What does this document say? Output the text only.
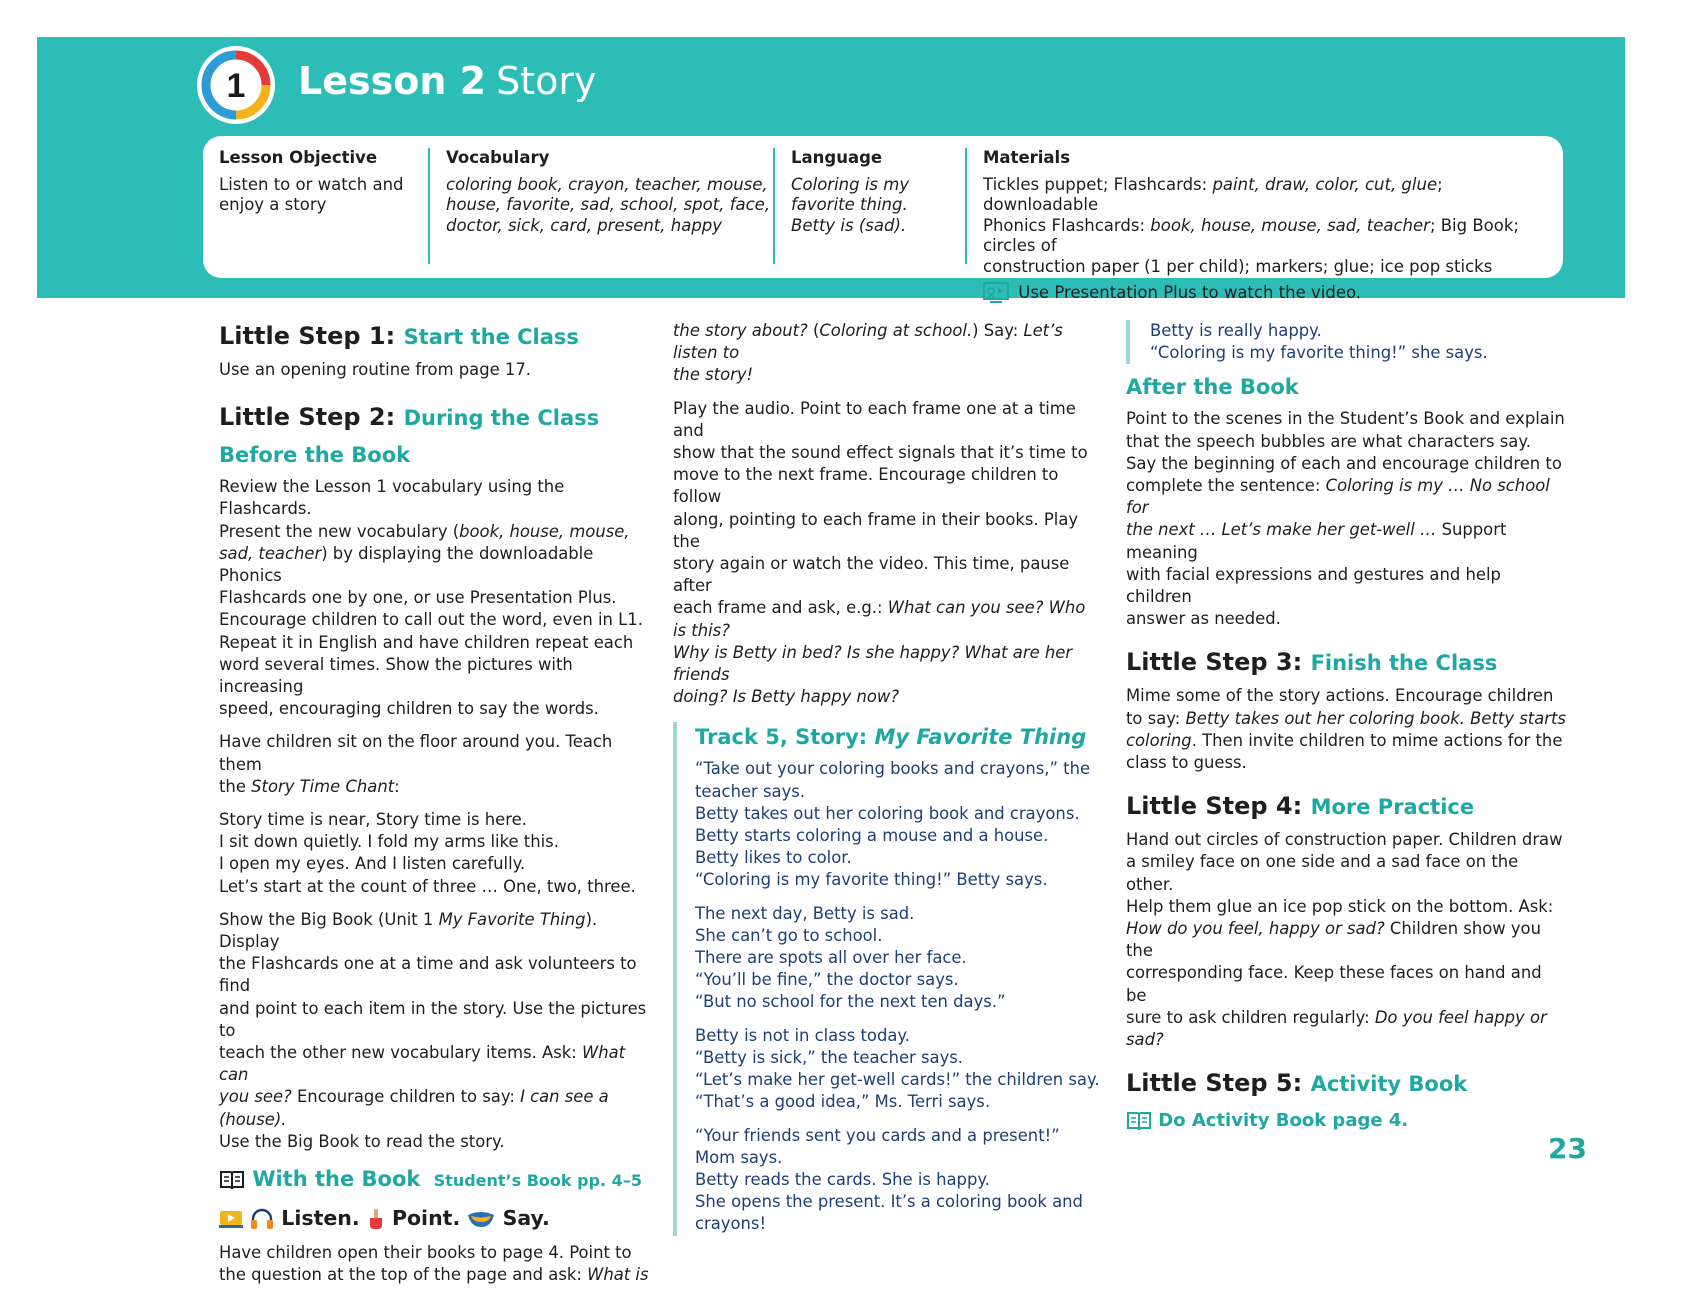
1 Lesson 2 Story
Lesson Objective
Listen to or watch and
enjoy a story
Vocabulary
coloring book, crayon, teacher, mouse,
house, favorite, sad, school, spot, face,
doctor, sick, card, present, happy
Language
Coloring is my
favorite thing.
Betty is (sad).
Materials
Tickles puppet; Flashcards: paint, draw, color, cut, glue; downloadable
Phonics Flashcards: book, house, mouse, sad, teacher; Big Book; circles of
construction paper (1 per child); markers; glue; ice pop sticks
Use Presentation Plus to watch the video.
Little Step 1: Start the Class

Use an opening routine from page 17.

Little Step 2: During the Class
Before the Book

Review the Lesson 1 vocabulary using the Flashcards.
Present the new vocabulary (book, house, mouse,
sad, teacher) by displaying the downloadable Phonics
Flashcards one by one, or use Presentation Plus.
Encourage children to call out the word, even in L1.
Repeat it in English and have children repeat each
word several times. Show the pictures with increasing
speed, encouraging children to say the words.

Have children sit on the floor around you. Teach them
the Story Time Chant:

Story time is near, Story time is here.
I sit down quietly. I fold my arms like this.
I open my eyes. And I listen carefully.
Let’s start at the count of three … One, two, three.

Show the Big Book (Unit 1 My Favorite Thing). Display
the Flashcards one at a time and ask volunteers to find
and point to each item in the story. Use the pictures to
teach the other new vocabulary items. Ask: What can
you see? Encourage children to say: I can see a (house).
Use the Big Book to read the story.

With the Book Student’s Book pp. 4–5
Listen. Point. Say.

Have children open their books to page 4. Point to
the question at the top of the page and ask: What is

the story about? (Coloring at school.) Say: Let’s listen to
the story!

Play the audio. Point to each frame one at a time and
show that the sound effect signals that it’s time to
move to the next frame. Encourage children to follow
along, pointing to each frame in their books. Play the
story again or watch the video. This time, pause after
each frame and ask, e.g.: What can you see? Who is this?
Why is Betty in bed? Is she happy? What are her friends
doing? Is Betty happy now?

Track 5, Story: My Favorite Thing

“Take out your coloring books and crayons,” the
teacher says.
Betty takes out her coloring book and crayons.
Betty starts coloring a mouse and a house.
Betty likes to color.
“Coloring is my favorite thing!” Betty says.

The next day, Betty is sad.
She can’t go to school.
There are spots all over her face.
“You’ll be fine,” the doctor says.
“But no school for the next ten days.”

Betty is not in class today.
“Betty is sick,” the teacher says.
“Let’s make her get-well cards!” the children say.
“That’s a good idea,” Ms. Terri says.

“Your friends sent you cards and a present!”
Mom says.
Betty reads the cards. She is happy.
She opens the present. It’s a coloring book and
crayons!

Betty is really happy.
“Coloring is my favorite thing!” she says.
After the Book

Point to the scenes in the Student’s Book and explain
that the speech bubbles are what characters say.
Say the beginning of each and encourage children to
complete the sentence: Coloring is my … No school for
the next … Let’s make her get-well … Support meaning
with facial expressions and gestures and help children
answer as needed.

Little Step 3: Finish the Class

Mime some of the story actions. Encourage children
to say: Betty takes out her coloring book. Betty starts
coloring. Then invite children to mime actions for the
class to guess.

Little Step 4: More Practice

Hand out circles of construction paper. Children draw
a smiley face on one side and a sad face on the other.
Help them glue an ice pop stick on the bottom. Ask:
How do you feel, happy or sad? Children show you the
corresponding face. Keep these faces on hand and be
sure to ask children regularly: Do you feel happy or sad?

Little Step 5: Activity Book
Do Activity Book page 4.
23
